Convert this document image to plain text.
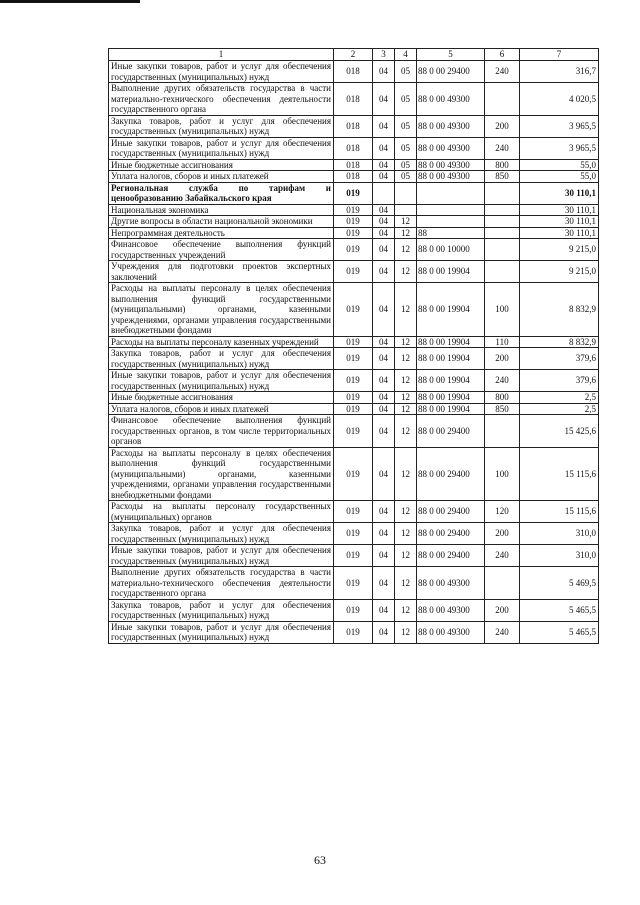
1	2	3	4	5	6	7
Иные закупки товаров, работ и услуг для обеспечения государственных (муниципальных) нужд	018	04	05	88 0 00 29400	240	316,7
Выполнение других обязательств государства в части материально-технического обеспечения деятельности государственного органа	018	04	05	88 0 00 49300		4 020,5
Закупка товаров, работ и услуг для обеспечения государственных (муниципальных) нужд	018	04	05	88 0 00 49300	200	3 965,5
Иные закупки товаров, работ и услуг для обеспечения государственных (муниципальных) нужд	018	04	05	88 0 00 49300	240	3 965,5
Иные бюджетные ассигнования	018	04	05	88 0 00 49300	800	55,0
Уплата налогов, сборов и иных платежей	018	04	05	88 0 00 49300	850	55,0
Региональная служба по тарифам и ценообразованию Забайкальского края	019					30 110,1
Национальная экономика	019	04				30 110,1
Другие вопросы в области национальной экономики	019	04	12			30 110,1
Непрограммная деятельность	019	04	12	88		30 110,1
Финансовое обеспечение выполнения функций государственных учреждений	019	04	12	88 0 00 10000		9 215,0
Учреждения для подготовки проектов экспертных заключений	019	04	12	88 0 00 19904		9 215,0
Расходы на выплаты персоналу в целях обеспечения выполнения функций государственными (муниципальными) органами, казенными учреждениями, органами управления государственными внебюджетными фондами	019	04	12	88 0 00 19904	100	8 832,9
Расходы на выплаты персоналу казенных учреждений	019	04	12	88 0 00 19904	110	8 832,9
Закупка товаров, работ и услуг для обеспечения государственных (муниципальных) нужд	019	04	12	88 0 00 19904	200	379,6
Иные закупки товаров, работ и услуг для обеспечения государственных (муниципальных) нужд	019	04	12	88 0 00 19904	240	379,6
Иные бюджетные ассигнования	019	04	12	88 0 00 19904	800	2,5
Уплата налогов, сборов и иных платежей	019	04	12	88 0 00 19904	850	2,5
Финансовое обеспечение выполнения функций государственных органов, в том числе территориальных органов	019	04	12	88 0 00 29400		15 425,6
Расходы на выплаты персоналу в целях обеспечения выполнения функций государственными (муниципальными) органами, казенными учреждениями, органами управления государственными внебюджетными фондами	019	04	12	88 0 00 29400	100	15 115,6
Расходы на выплаты персоналу государственных (муниципальных) органов	019	04	12	88 0 00 29400	120	15 115,6
Закупка товаров, работ и услуг для обеспечения государственных (муниципальных) нужд	019	04	12	88 0 00 29400	200	310,0
Иные закупки товаров, работ и услуг для обеспечения государственных (муниципальных) нужд	019	04	12	88 0 00 29400	240	310,0
Выполнение других обязательств государства в части материально-технического обеспечения деятельности государственного органа	019	04	12	88 0 00 49300		5 469,5
Закупка товаров, работ и услуг для обеспечения государственных (муниципальных) нужд	019	04	12	88 0 00 49300	200	5 465,5
Иные закупки товаров, работ и услуг для обеспечения государственных (муниципальных) нужд	019	04	12	88 0 00 49300	240	5 465,5
63
